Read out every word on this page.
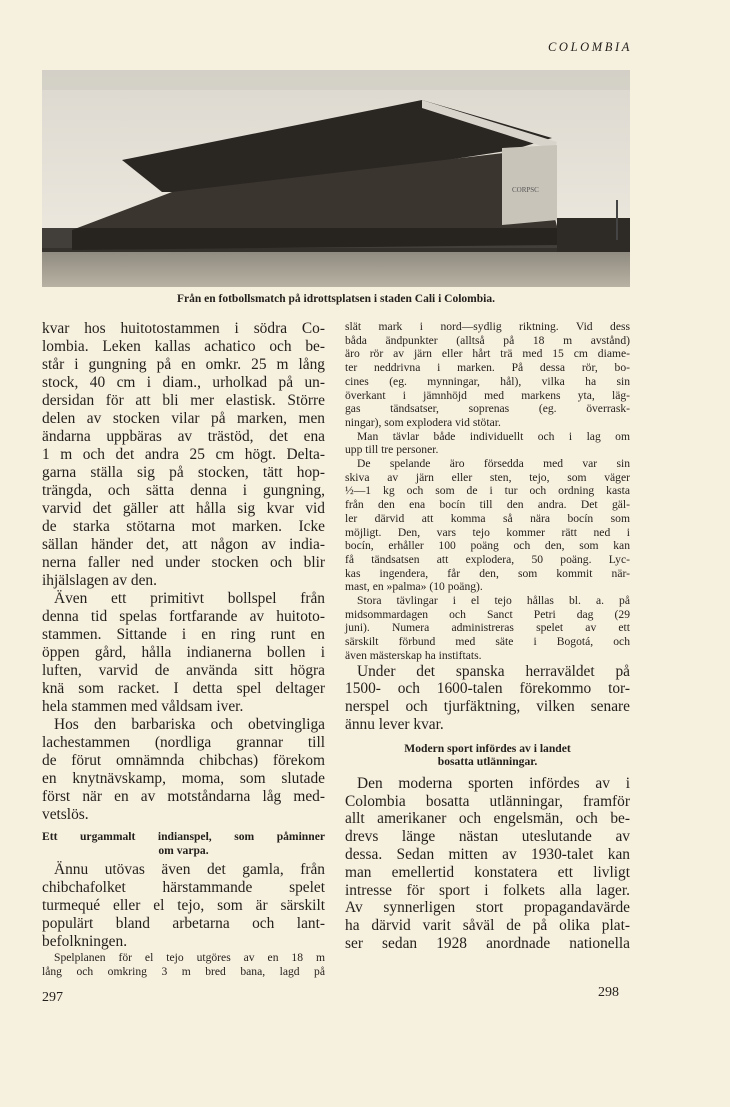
COLOMBIA
CORPSC
Från en fotbollsmatch på idrottsplatsen i staden Cali i Colombia.
kvar hos huitotostammen i södra Co-
lombia. Leken kallas achatico och be-
står i gungning på en omkr. 25 m lång
stock, 40 cm i diam., urholkad på un-
dersidan för att bli mer elastisk. Större
delen av stocken vilar på marken, men
ändarna uppbäras av trästöd, det ena
1 m och det andra 25 cm högt. Delta-
garna ställa sig på stocken, tätt hop-
trängda, och sätta denna i gungning,
varvid det gäller att hålla sig kvar vid
de starka stötarna mot marken. Icke
sällan händer det, att någon av india-
nerna faller ned under stocken och blir
ihjälslagen av den.
Även ett primitivt bollspel från
denna tid spelas fortfarande av huitoto-
stammen. Sittande i en ring runt en
öppen gård, hålla indianerna bollen i
luften, varvid de använda sitt högra
knä som racket. I detta spel deltager
hela stammen med våldsam iver.
Hos den barbariska och obetvingliga
lachestammen (nordliga grannar till
de förut omnämnda chibchas) förekom
en knytnävskamp, moma, som slutade
först när en av motståndarna låg med-
vetslös.
Ett urgammalt indianspel, som påminner
om varpa.
Ännu utövas även det gamla, från
chibchafolket härstammande spelet
turmequé eller el tejo, som är särskilt
populärt bland arbetarna och lant-
befolkningen.
Spelplanen för el tejo utgöres av en 18 m
lång och omkring 3 m bred bana, lagd på
slät mark i nord—sydlig riktning. Vid dess
båda ändpunkter (alltså på 18 m avstånd)
äro rör av järn eller hårt trä med 15 cm diame-
ter neddrivna i marken. På dessa rör, bo-
cines (eg. mynningar, hål), vilka ha sin
överkant i jämnhöjd med markens yta, läg-
gas tändsatser, soprenas (eg. överrask-
ningar), som explodera vid stötar.
Man tävlar både individuellt och i lag om
upp till tre personer.
De spelande äro försedda med var sin
skiva av järn eller sten, tejo, som väger
½—1 kg och som de i tur och ordning kasta
från den ena bocín till den andra. Det gäl-
ler därvid att komma så nära bocín som
möjligt. Den, vars tejo kommer rätt ned i
bocín, erhåller 100 poäng och den, som kan
få tändsatsen att explodera, 50 poäng. Lyc-
kas ingendera, får den, som kommit när-
mast, en »palma» (10 poäng).
Stora tävlingar i el tejo hållas bl. a. på
midsommardagen och Sanct Petri dag (29
juni). Numera administreras spelet av ett
särskilt förbund med säte i Bogotá, och
även mästerskap ha instiftats.
Under det spanska herraväldet på
1500- och 1600-talen förekommo tor-
nerspel och tjurfäktning, vilken senare
ännu lever kvar.
Modern sport infördes av i landet
bosatta utlänningar.
Den moderna sporten infördes av i
Colombia bosatta utlänningar, framför
allt amerikaner och engelsmän, och be-
drevs länge nästan uteslutande av
dessa. Sedan mitten av 1930-talet kan
man emellertid konstatera ett livligt
intresse för sport i folkets alla lager.
Av synnerligen stort propagandavärde
ha därvid varit såväl de på olika plat-
ser sedan 1928 anordnade nationella
297	298
